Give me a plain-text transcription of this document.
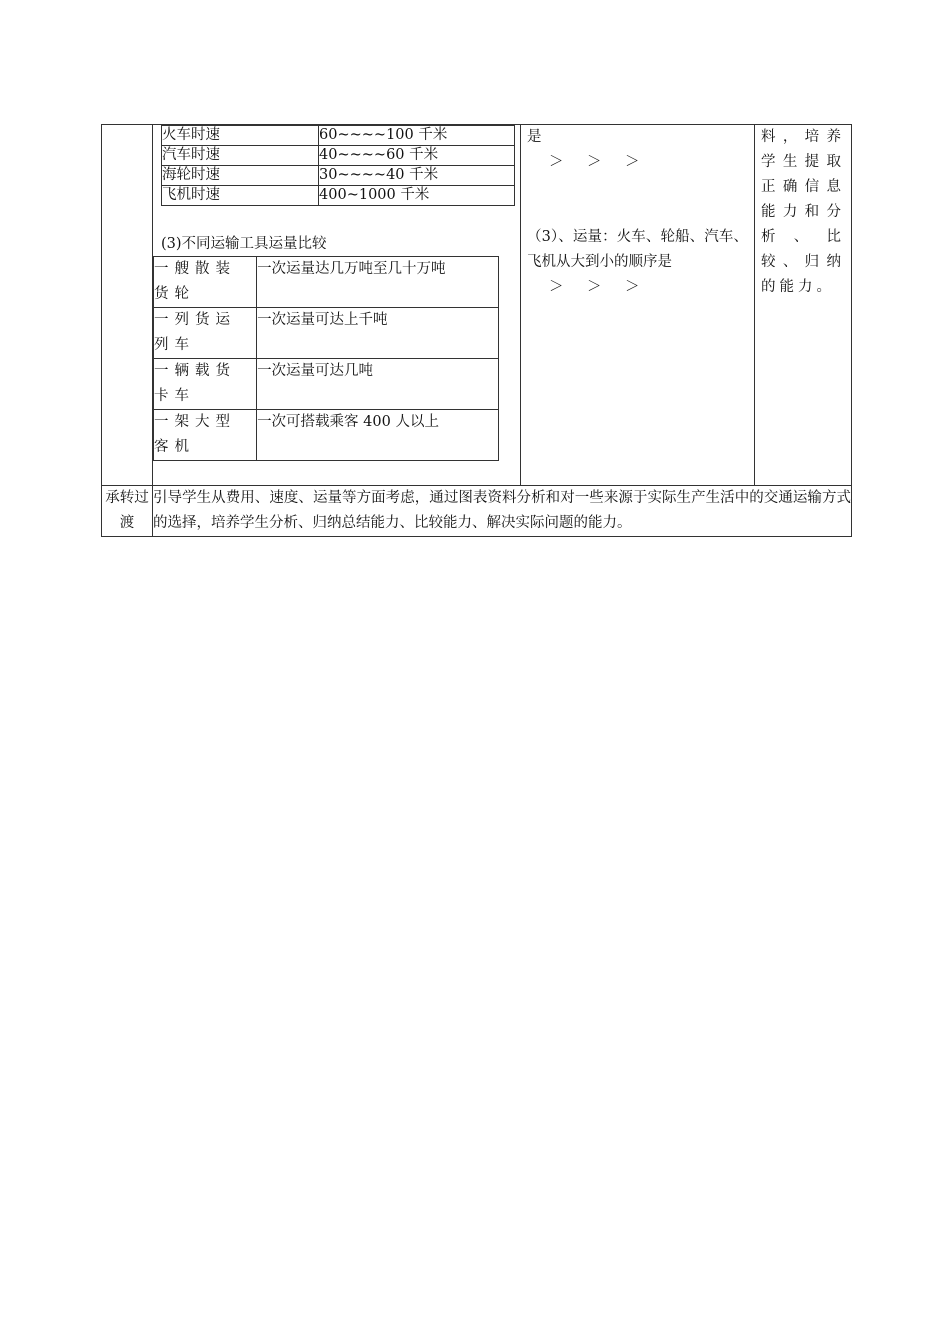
火车时速	60~~~~100 千米
汽车时速	40~~~~60 千米
海轮时速	30~~~~40 千米
飞机时速	400~1000 千米
(3)不同运输工具运量比较
一艘散装货轮	一次运量达几万吨至几十万吨
一列货运列车	一次运量可达上千吨
一辆载货卡车	一次运量可达几吨
一架大型客机	一次可搭载乘客 400 人以上

是
＞ ＞ ＞
（3）、运量：火车、轮船、汽车、飞机从大到小的顺序是
＞ ＞ ＞

料，培养学生提取正确信息能力和分析、比较、归纳的能力。

承转过渡	引导学生从费用、速度、运量等方面考虑，通过图表资料分析和对一些来源于实际生产生活中的交通运输方式的选择，培养学生分析、归纳总结能力、比较能力、解决实际问题的能力。
